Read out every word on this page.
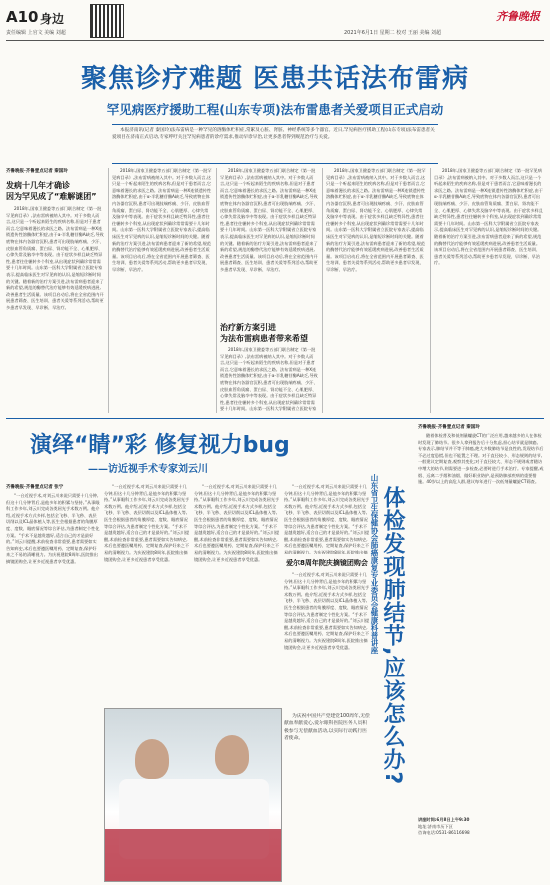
A10 身边
责任编辑 上官文 美编 刘超
齐鲁晚报
2021年6月1日 星期二 校对 王丽 美编 刘超
聚焦诊疗难题 医患共话法布雷病
罕见病医疗援助工程(山东专项)法布雷患者关爱项目正式启动

本报济南讯(记者 秦国玲)法布雷病是一种罕见的溶酶体贮积症,常累及心脏、肾脏、神经系统等多个器官。近日,罕见病医疗援助工程(山东专项)法布雷患者关爱项目在济南正式启动,专家呼吁关注罕见病患者的诊疗需求,推动早诊早治,让更多患者得到规范治疗与关爱。

齐鲁晚报·齐鲁壹点记者 秦国玲
发病十几年才确诊
因为罕见成了“难解谜团”

2018年,国家卫健委等五部门联合制定《第一批罕见病目录》,法布雷病被纳入其中。对于多数人而言,这只是一个听起来陌生的疾病名称,但是对于患者而言,它意味着漫长的求医之路。法布雷病是一种X连锁遗传性溶酶体贮积症,由于α-半乳糖苷酶A缺乏,导致底物在体内各器官沉积,患者可出现肢端疼痛、少汗、皮肤血管角质瘤、蛋白尿、肾功能不全、心肌肥厚、心律失常及脑卒中等表现。由于症状多样且缺乏特异性,患者往往辗转多个科室,从出现症状到确诊常常需要十几年时间。山东第一医科大学附属省立医院专家表示,提高临床医生对罕见病的认识,是缩短诊断时间的关键。随着新的治疗方案引进,法布雷病患者迎来了新的希望,规范的酶替代治疗能够有效延缓疾病进展,改善患者生活质量。该项目启动后,将在全省范围内开展患者筛查、医生培训、患者关爱等系列活动,帮助更多患者早发现、早诊断、早治疗。

2018年,国家卫健委等五部门联合制定《第一批罕见病目录》,法布雷病被纳入其中。对于多数人而言,这只是一个听起来陌生的疾病名称,但是对于患者而言,它意味着漫长的求医之路。法布雷病是一种X连锁遗传性溶酶体贮积症,由于α-半乳糖苷酶A缺乏,导致底物在体内各器官沉积,患者可出现肢端疼痛、少汗、皮肤血管角质瘤、蛋白尿、肾功能不全、心肌肥厚、心律失常及脑卒中等表现。由于症状多样且缺乏特异性,患者往往辗转多个科室,从出现症状到确诊常常需要十几年时间。山东第一医科大学附属省立医院专家表示,提高临床医生对罕见病的认识,是缩短诊断时间的关键。随着新的治疗方案引进,法布雷病患者迎来了新的希望,规范的酶替代治疗能够有效延缓疾病进展,改善患者生活质量。该项目启动后,将在全省范围内开展患者筛查、医生培训、患者关爱等系列活动,帮助更多患者早发现、早诊断、早治疗。

2018年,国家卫健委等五部门联合制定《第一批罕见病目录》,法布雷病被纳入其中。对于多数人而言,这只是一个听起来陌生的疾病名称,但是对于患者而言,它意味着漫长的求医之路。法布雷病是一种X连锁遗传性溶酶体贮积症,由于α-半乳糖苷酶A缺乏,导致底物在体内各器官沉积,患者可出现肢端疼痛、少汗、皮肤血管角质瘤、蛋白尿、肾功能不全、心肌肥厚、心律失常及脑卒中等表现。由于症状多样且缺乏特异性,患者往往辗转多个科室,从出现症状到确诊常常需要十几年时间。山东第一医科大学附属省立医院专家表示,提高临床医生对罕见病的认识,是缩短诊断时间的关键。随着新的治疗方案引进,法布雷病患者迎来了新的希望,规范的酶替代治疗能够有效延缓疾病进展,改善患者生活质量。该项目启动后,将在全省范围内开展患者筛查、医生培训、患者关爱等系列活动,帮助更多患者早发现、早诊断、早治疗。

治疗新方案引进
为法布雷病患者带来希望

2018年,国家卫健委等五部门联合制定《第一批罕见病目录》,法布雷病被纳入其中。对于多数人而言,这只是一个听起来陌生的疾病名称,但是对于患者而言,它意味着漫长的求医之路。法布雷病是一种X连锁遗传性溶酶体贮积症,由于α-半乳糖苷酶A缺乏,导致底物在体内各器官沉积,患者可出现肢端疼痛、少汗、皮肤血管角质瘤、蛋白尿、肾功能不全、心肌肥厚、心律失常及脑卒中等表现。由于症状多样且缺乏特异性,患者往往辗转多个科室,从出现症状到确诊常常需要十几年时间。山东第一医科大学附属省立医院专家

2018年,国家卫健委等五部门联合制定《第一批罕见病目录》,法布雷病被纳入其中。对于多数人而言,这只是一个听起来陌生的疾病名称,但是对于患者而言,它意味着漫长的求医之路。法布雷病是一种X连锁遗传性溶酶体贮积症,由于α-半乳糖苷酶A缺乏,导致底物在体内各器官沉积,患者可出现肢端疼痛、少汗、皮肤血管角质瘤、蛋白尿、肾功能不全、心肌肥厚、心律失常及脑卒中等表现。由于症状多样且缺乏特异性,患者往往辗转多个科室,从出现症状到确诊常常需要十几年时间。山东第一医科大学附属省立医院专家表示,提高临床医生对罕见病的认识,是缩短诊断时间的关键。随着新的治疗方案引进,法布雷病患者迎来了新的希望,规范的酶替代治疗能够有效延缓疾病进展,改善患者生活质量。该项目启动后,将在全省范围内开展患者筛查、医生培训、患者关爱等系列活动,帮助更多患者早发现、早诊断、早治疗。

2018年,国家卫健委等五部门联合制定《第一批罕见病目录》,法布雷病被纳入其中。对于多数人而言,这只是一个听起来陌生的疾病名称,但是对于患者而言,它意味着漫长的求医之路。法布雷病是一种X连锁遗传性溶酶体贮积症,由于α-半乳糖苷酶A缺乏,导致底物在体内各器官沉积,患者可出现肢端疼痛、少汗、皮肤血管角质瘤、蛋白尿、肾功能不全、心肌肥厚、心律失常及脑卒中等表现。由于症状多样且缺乏特异性,患者往往辗转多个科室,从出现症状到确诊常常需要十几年时间。山东第一医科大学附属省立医院专家表示,提高临床医生对罕见病的认识,是缩短诊断时间的关键。随着新的治疗方案引进,法布雷病患者迎来了新的希望,规范的酶替代治疗能够有效延缓疾病进展,改善患者生活质量。该项目启动后,将在全省范围内开展患者筛查、医生培训、患者关爱等系列活动,帮助更多患者早发现、早诊断、早治疗。

演绎“睛”彩 修复视力bug
——访近视手术专家刘云川
齐鲁晚报·齐鲁壹点记者 张宁

“一台近视手术,对刘云川来说只需要十几分钟,但这十几分钟背后,是他多年的积累与坚持。”从事眼科工作多年,刘云川完成各类屈光手术数万例。他介绍,近视手术方式多样,包括全飞秒、半飞秒、表层切削以及ICL晶体植入等,医生会根据患者的角膜厚度、度数、眼底情况等综合评估,为患者制定个性化方案。“手术不是越贵越好,适合自己的才是最好的。”刘云川提醒,术前检查非常重要,患者需要如实告知病史,术后也要遵医嘱用药、定期复查,保护好来之不易的清晰视力。为庆祝建院8周年,医院推出摘镜团购会,让更多近视患者享受优惠。

“一台近视手术,对刘云川来说只需要十几分钟,但这十几分钟背后,是他多年的积累与坚持。”从事眼科工作多年,刘云川完成各类屈光手术数万例。他介绍,近视手术方式多样,包括全飞秒、半飞秒、表层切削以及ICL晶体植入等,医生会根据患者的角膜厚度、度数、眼底情况等综合评估,为患者制定个性化方案。“手术不是越贵越好,适合自己的才是最好的。”刘云川提醒,术前检查非常重要,患者需要如实告知病史,术后也要遵医嘱用药、定期复查,保护好来之不易的清晰视力。为庆祝建院8周年,医院推出摘镜团购会,让更多近视患者享受优惠。

“一台近视手术,对刘云川来说只需要十几分钟,但这十几分钟背后,是他多年的积累与坚持。”从事眼科工作多年,刘云川完成各类屈光手术数万例。他介绍,近视手术方式多样,包括全飞秒、半飞秒、表层切削以及ICL晶体植入等,医生会根据患者的角膜厚度、度数、眼底情况等综合评估,为患者制定个性化方案。“手术不是越贵越好,适合自己的才是最好的。”刘云川提醒,术前检查非常重要,患者需要如实告知病史,术后也要遵医嘱用药、定期复查,保护好来之不易的清晰视力。为庆祝建院8周年,医院推出摘镜团购会,让更多近视患者享受优惠。

“一台近视手术,对刘云川来说只需要十几分钟,但这十几分钟背后,是他多年的积累与坚持。”从事眼科工作多年,刘云川完成各类屈光手术数万例。他介绍,近视手术方式多样,包括全飞秒、半飞秒、表层切削以及ICL晶体植入等,医生会根据患者的角膜厚度、度数、眼底情况等综合评估,为患者制定个性化方案。“手术不是越贵越好,适合自己的才是最好的。”刘云川提醒,术前检查非常重要,患者需要如实告知病史,术后也要遵医嘱用药、定期复查,保护好来之不易的清晰视力。为庆祝建院8周年,医院推出摘

爱尔8周年院庆摘镜团购会

“一台近视手术,对刘云川来说只需要十几分钟,但这十几分钟背后,是他多年的积累与坚持。”从事眼科工作多年,刘云川完成各类屈光手术数万例。他介绍,近视手术方式多样,包括全飞秒、半飞秒、表层切削以及ICL晶体植入等,医生会根据患者的角膜厚度、度数、眼底情况等综合评估,为患者制定个性化方案。“手术不是越贵越好,适合自己的才是最好的。”刘云川提醒,术前检查非常重要,患者需要如实告知病史,术后也要遵医嘱用药、定期复查,保护好来之不易的清晰视力。为庆祝建院8周年,医院推出摘镜团购会,让更多近视患者享受优惠。

为庆祝中国共产党建党100周年,无偿献血奉献爱心,爱尔眼科医院医务人员积极参与无偿献血活动,以实际行动践行医者使命。	体检发现肺结节,应该怎么办?
山东省卫生保健协会肺癌康复专业委员会健康科普讲座
齐鲁晚报·齐鲁壹点记者 秦国玲

随着体检普及和低剂量螺旋CT的广泛应用,越来越多的人在体检时发现了肺结节。很多人拿到报告后十分焦虑,担心结节就是肺癌。专家表示,肺结节并不等于肺癌,绝大多数肺结节是良性的,发现结节后不必过度恐慌,但也不能置之不理。对于直径较小、形态规则的结节,一般建议定期复查,观察其变化;对于直径较大、形态不规则或者随访中增大的结节,则需要进一步检查,必要时进行手术治疗。专家提醒,戒烟、远离二手烟和油烟、做好职业防护,是预防肺部疾病的重要措施。40岁以上的高危人群,建议每年进行一次低剂量螺旋CT筛查。

讲座时间:6月8日上午9:30

地址:济南市历下区

咨询电话:0531-86116698
